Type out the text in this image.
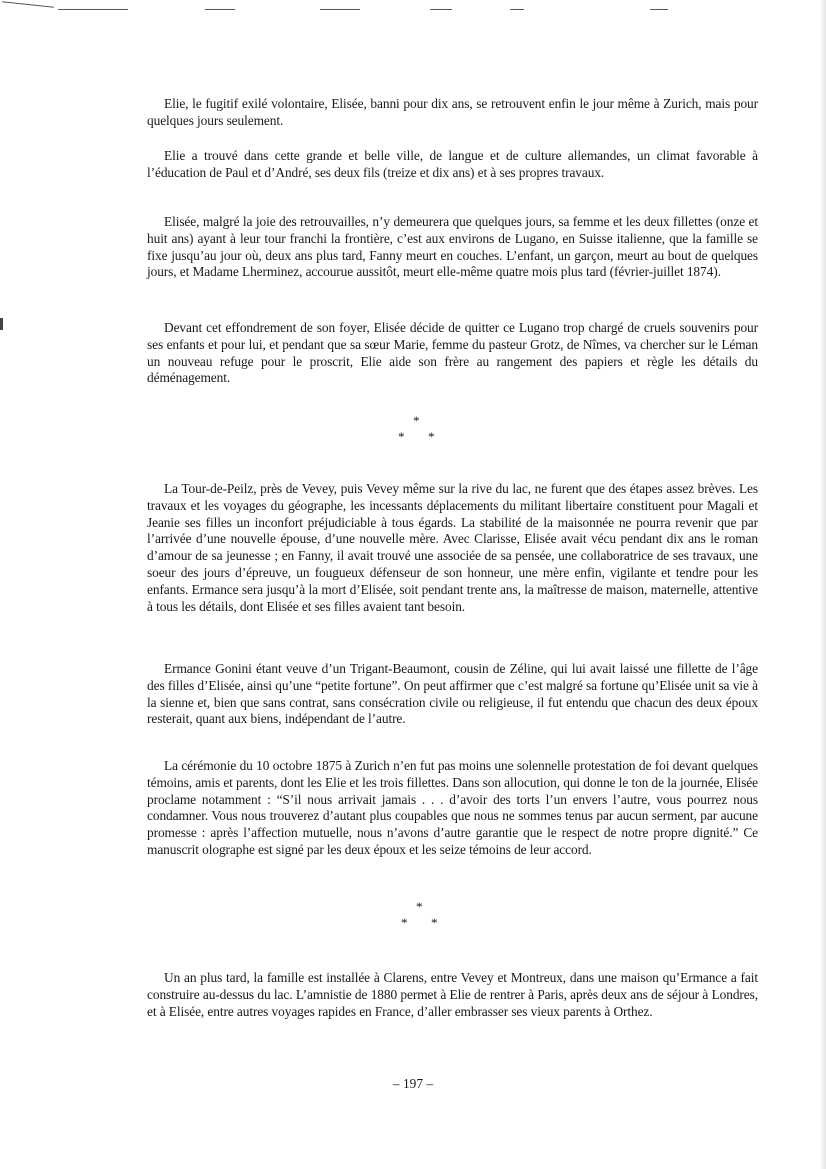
Elie, le fugitif exilé volontaire, Elisée, banni pour dix ans, se retrouvent enfin le jour même à Zurich, mais pour quelques jours seulement.

Elie a trouvé dans cette grande et belle ville, de langue et de culture allemandes, un climat favorable à l’éducation de Paul et d’André, ses deux fils (treize et dix ans) et à ses propres travaux.

Elisée, malgré la joie des retrouvailles, n’y demeurera que quelques jours, sa femme et les deux fillettes (onze et huit ans) ayant à leur tour franchi la frontière, c’est aux environs de Lugano, en Suisse italienne, que la famille se fixe jusqu’au jour où, deux ans plus tard, Fanny meurt en couches. L’enfant, un garçon, meurt au bout de quelques jours, et Madame Lherminez, accourue aussitôt, meurt elle-même quatre mois plus tard (février-juillet 1874).

Devant cet effondrement de son foyer, Elisée décide de quitter ce Lugano trop chargé de cruels souvenirs pour ses enfants et pour lui, et pendant que sa sœur Marie, femme du pasteur Grotz, de Nîmes, va chercher sur le Léman un nouveau refuge pour le proscrit, Elie aide son frère au rangement des papiers et règle les détails du déménagement.

La Tour-de-Peilz, près de Vevey, puis Vevey même sur la rive du lac, ne furent que des étapes assez brèves. Les travaux et les voyages du géographe, les incessants déplacements du militant libertaire constituent pour Magali et Jeanie ses filles un inconfort préjudiciable à tous égards. La stabilité de la maisonnée ne pourra revenir que par l’arrivée d’une nouvelle épouse, d’une nouvelle mère. Avec Clarisse, Elisée avait vécu pendant dix ans le roman d’amour de sa jeunesse ; en Fanny, il avait trouvé une associée de sa pensée, une collaboratrice de ses travaux, une soeur des jours d’épreuve, un fougueux défenseur de son honneur, une mère enfin, vigilante et tendre pour les enfants. Ermance sera jusqu’à la mort d’Elisée, soit pendant trente ans, la maîtresse de maison, maternelle, attentive à tous les détails, dont Elisée et ses filles avaient tant besoin.

Ermance Gonini étant veuve d’un Trigant-Beaumont, cousin de Zéline, qui lui avait laissé une fillette de l’âge des filles d’Elisée, ainsi qu’une “petite fortune”. On peut affirmer que c’est malgré sa fortune qu’Elisée unit sa vie à la sienne et, bien que sans contrat, sans consécration civile ou religieuse, il fut entendu que chacun des deux époux resterait, quant aux biens, indépendant de l’autre.

La cérémonie du 10 octobre 1875 à Zurich n’en fut pas moins une solennelle protestation de foi devant quelques témoins, amis et parents, dont les Elie et les trois fillettes. Dans son allocution, qui donne le ton de la journée, Elisée proclame notamment : “S’il nous arrivait jamais . . . d’avoir des torts l’un envers l’autre, vous pourrez nous condamner. Vous nous trouverez d’autant plus coupables que nous ne sommes tenus par aucun serment, par aucune promesse : après l’affection mutuelle, nous n’avons d’autre garantie que le respect de notre propre dignité.” Ce manuscrit olographe est signé par les deux époux et les seize témoins de leur accord.

Un an plus tard, la famille est installée à Clarens, entre Vevey et Montreux, dans une maison qu’Ermance a fait construire au-dessus du lac. L’amnistie de 1880 permet à Elie de rentrer à Paris, après deux ans de séjour à Londres, et à Elisée, entre autres voyages rapides en France, d’aller embrasser ses vieux parents à Orthez.

*
* *
*
* *
– 197 –
